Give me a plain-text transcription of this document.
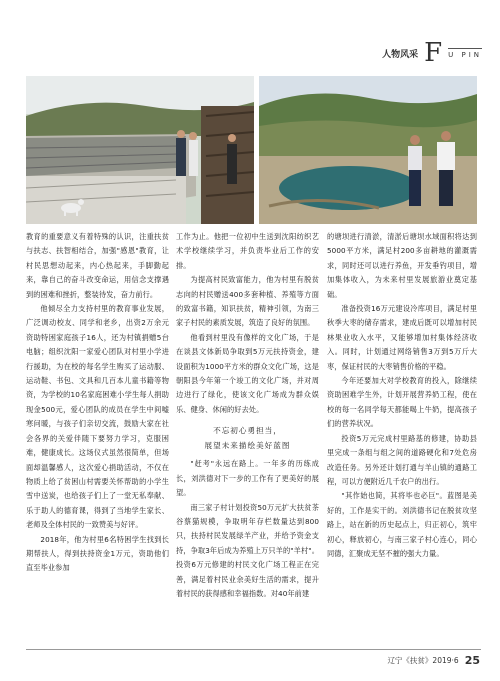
人物风采 F U PIN

教育的重要意义有着特殊的认识，注重扶贫与扶志、扶智相结合，加强"感恩"教育，让村民思想动起来，内心热起来，手脚勤起来，靠自己的奋斗改变命运，用信念支撑遇到的困难和挫折，整装待发，奋力前行。

他倾尽全力支持村里的教育事业发展，广泛调动校友、同学和老乡，出资2万余元资助特困家庭孩子16人，还为村镇捐赠5台电脑；组织沈阳一家爱心团队对村里小学进行援助，为在校的每名学生购买了运动服、运动鞋、书包、文具和几百本儿童书籍等物资，为学校的10名家庭困难小学生每人捐助现金500元，爱心团队的成员在学生中间嘘寒问暖，与孩子们亲切交流，鼓励大家在社会各界的关爱伴随下要努力学习，克服困难，健康成长。这场仪式虽然很简单，但场面却温馨感人，这次爱心捐助活动，不仅在物质上给了贫困山村需要关怀帮助的小学生雪中送炭，也给孩子们上了一堂无私奉献、乐于助人的德育课，得到了当地学生家长、老师及全体村民的一致赞美与好评。

2018年，他为村里6名特困学生找到长期帮扶人，得到扶持资金1万元，资助他们直至毕业参加

工作为止。他把一位初中生送到沈阳纺织艺术学校继续学习，并负责毕业后工作的安排。

为提高村民致富能力，他为村里有脱贫志向的村民赠送400多套种植、养殖等方面的致富书籍，知识扶贫，精神引领，为南三家子村民的素质发展，筑造了良好的氛围。

他看到村里没有像样的文化广场，于是在谈县文体新局争取到5万元扶持资金，建设面积为1000平方米的群众文化广场，这是朝阳县今年第一个竣工的文化广场，并对周边进行了绿化，使该文化广场成为群众娱乐、健身、休闲的好去处。

不忘初心勇担当，
展望未来描绘美好蓝图

"赶考"永远在路上。一年多的历练成长，刘洪德对下一步的工作有了更美好的展望。

南三家子村计划投资50万元扩大扶贫茶谷蔡猫规模，争取明年存栏数量达到800只，扶持村民发展绿羊产业，并给予资金支持，争取3年后成为养殖上万只羊的"羊村"。投资6万元修建的村民文化广场工程正在完善，满足着村民业余美好生活的需求，提升着村民的获得感和幸福指数。对40年前建

的塘坝进行清淤，清淤后塘坝水域面积将达到5000平方米，满足村200多亩耕地的灌溉需求，同时还可以进行养鱼，开发垂钓项目，增加集体收入，为未来村里发展旅游业奠定基础。

准备投资16万元建设冷库项目，满足村里秋季大枣的储存需求，建成后既可以增加村民林果业收入水平，又能够增加村集体经济收入。同时，计划通过网络销售3万到5万斤大枣，保证村民的大枣销售价格的平稳。

今年还要加大对学校教育的投入，除继续资助困难学生外，计划开展营养奶工程，使在校的每一名同学每天都能喝上牛奶，提高孩子们的营养状况。

投资5万元完成村里路基的修建，协助县里完成一条组与组之间的道路硬化和7处危房改造任务。另外还计划打通与羊山镇的通路工程，可以方便附近几千农户的出行。

"其作始也简，其将毕也必巨"。蓝图是美好的，工作是实干的。刘洪德书记在脱贫攻坚路上，站在新的历史起点上，归正初心，筑牢初心，释放初心，与南三家子村心连心，同心同德，汇聚成无坚不摧的强大力量。

辽宁《扶贫》2019·6 25
